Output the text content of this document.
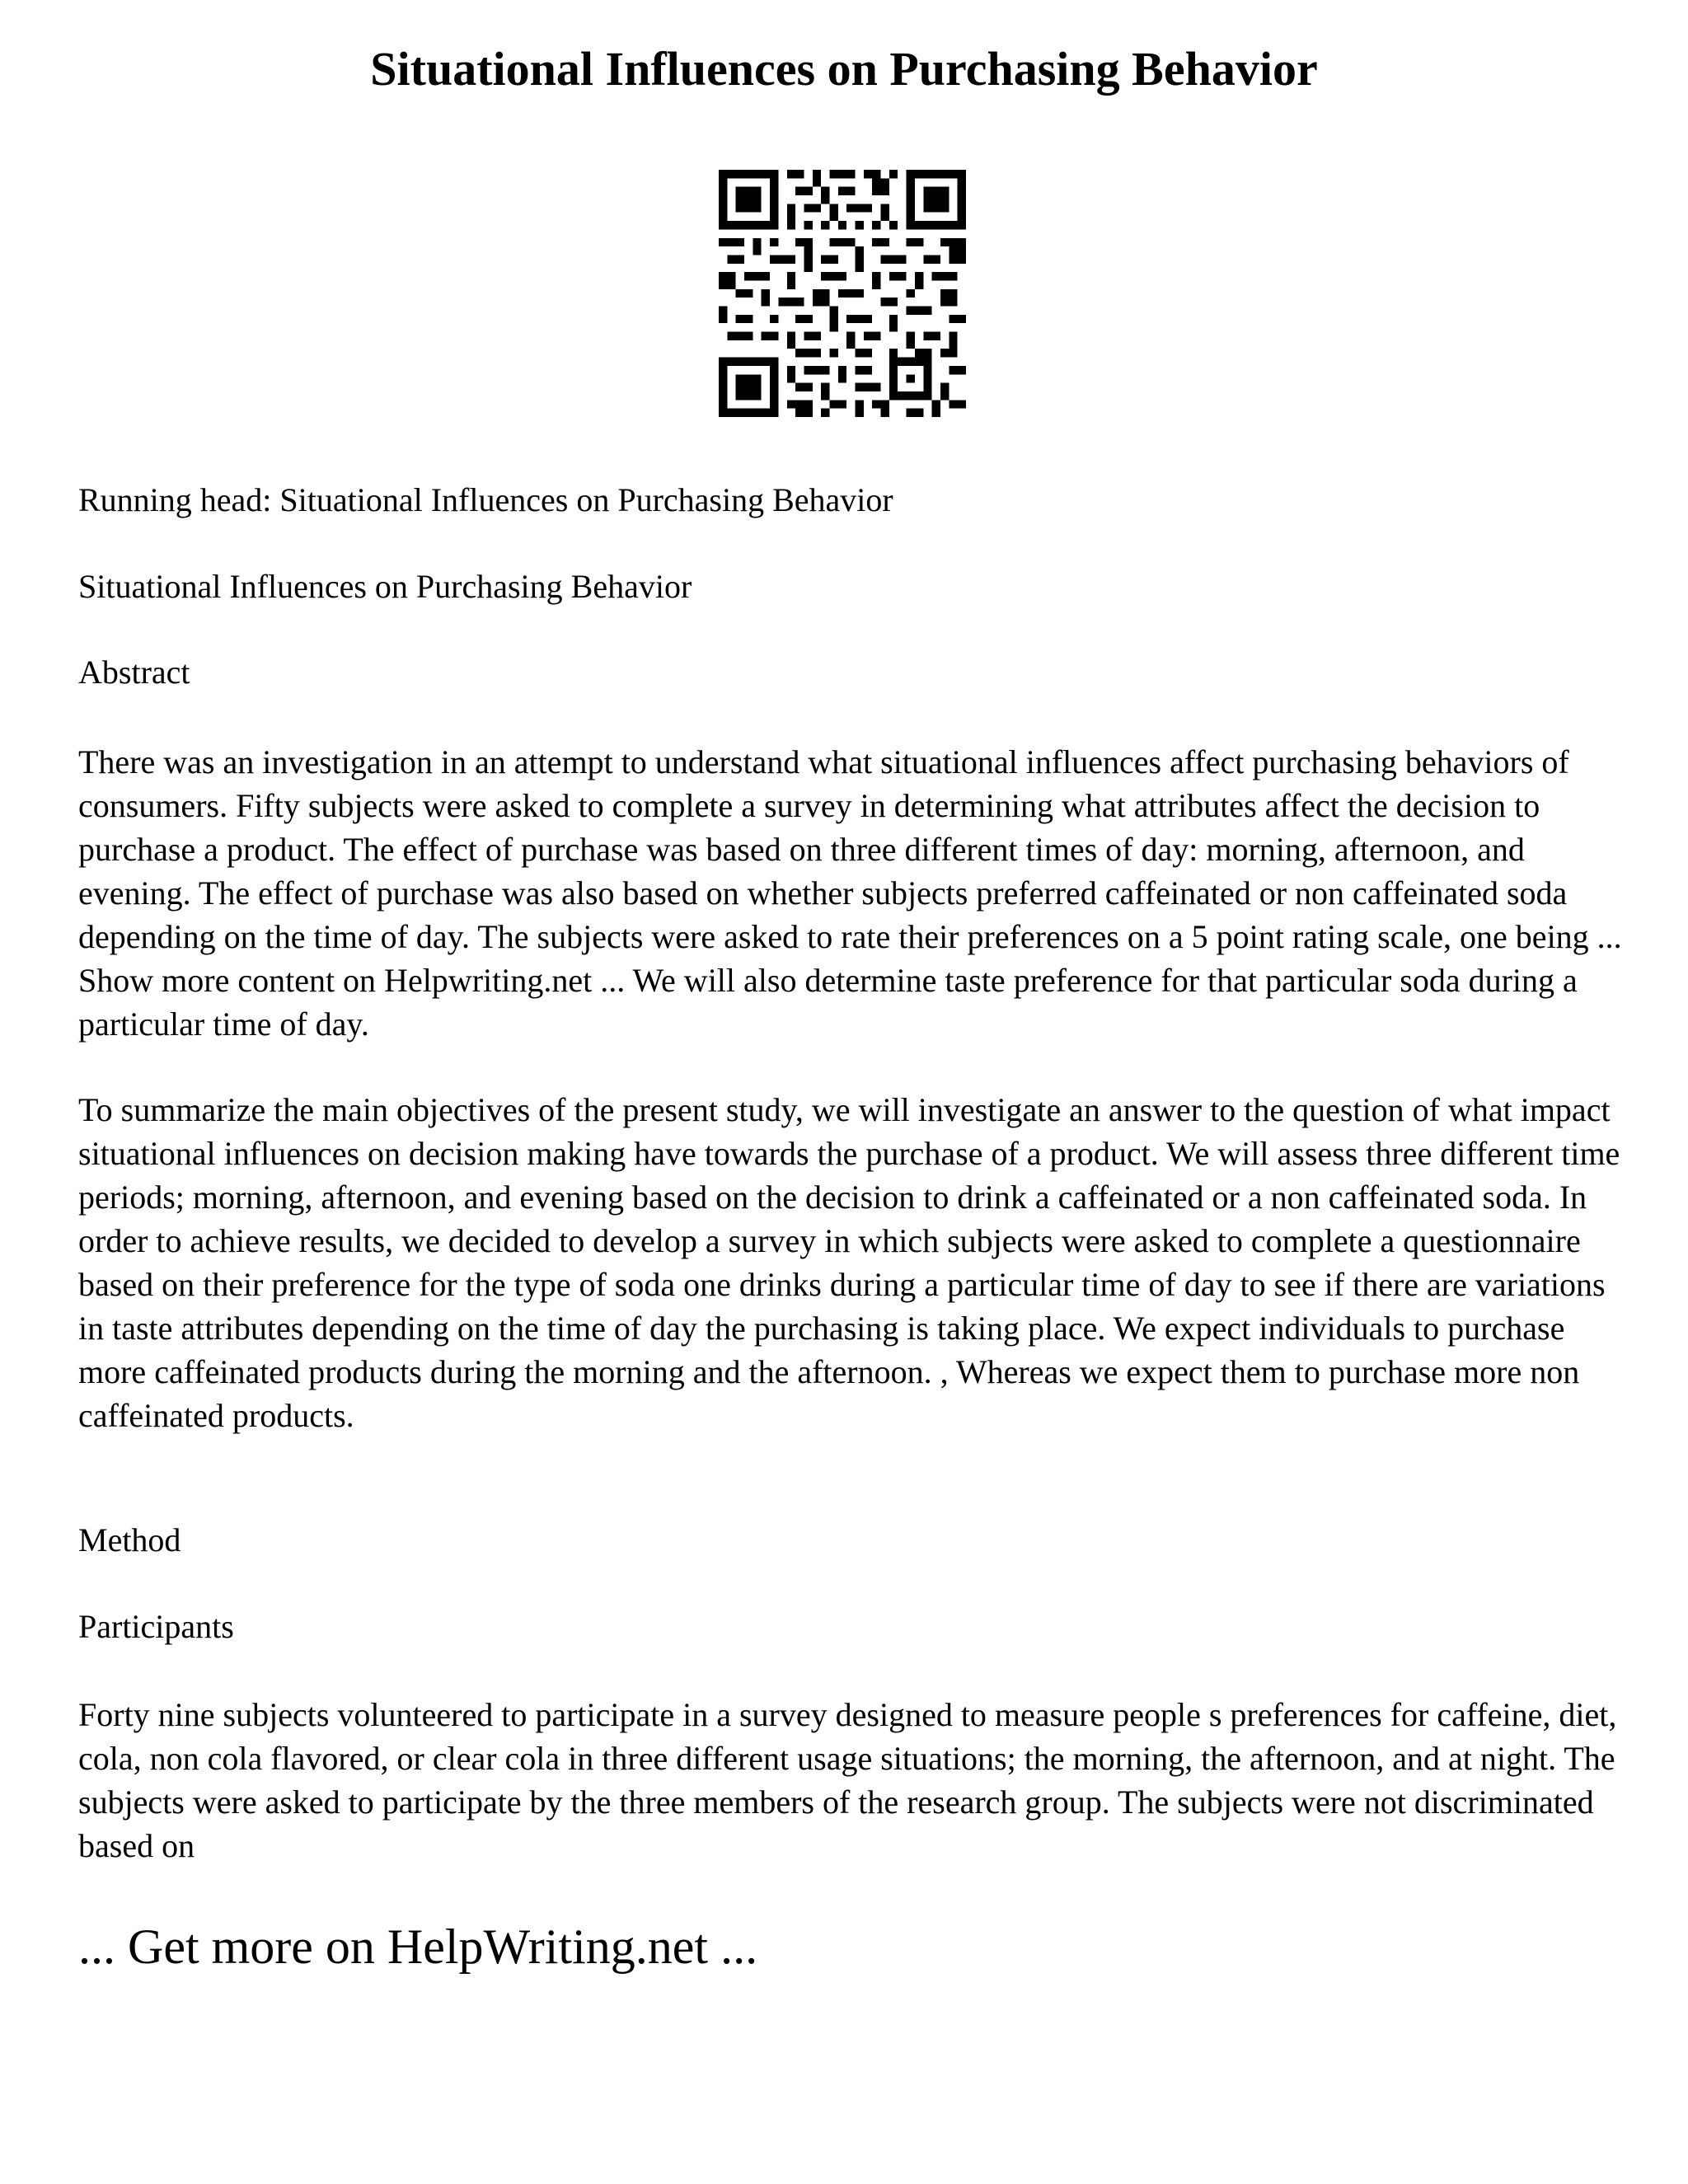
Situational Influences on Purchasing Behavior

Running head: Situational Influences on Purchasing Behavior

Situational Influences on Purchasing Behavior

Abstract

There was an investigation in an attempt to understand what situational influences affect purchasing behaviors of consumers. Fifty subjects were asked to complete a survey in determining what attributes affect the decision to purchase a product. The effect of purchase was based on three different times of day: morning, afternoon, and evening. The effect of purchase was also based on whether subjects preferred caffeinated or non caffeinated soda depending on the time of day. The subjects were asked to rate their preferences on a 5 point rating scale, one being ... Show more content on Helpwriting.net ... We will also determine taste preference for that particular soda during a particular time of day.

To summarize the main objectives of the present study, we will investigate an answer to the question of what impact situational influences on decision making have towards the purchase of a product. We will assess three different time periods; morning, afternoon, and evening based on the decision to drink a caffeinated or a non caffeinated soda. In order to achieve results, we decided to develop a survey in which subjects were asked to complete a questionnaire based on their preference for the type of soda one drinks during a particular time of day to see if there are variations in taste attributes depending on the time of day the purchasing is taking place. We expect individuals to purchase more caffeinated products during the morning and the afternoon. , Whereas we expect them to purchase more non caffeinated products.

Method

Participants

Forty nine subjects volunteered to participate in a survey designed to measure people s preferences for caffeine, diet, cola, non cola flavored, or clear cola in three different usage situations; the morning, the afternoon, and at night. The subjects were asked to participate by the three members of the research group. The subjects were not discriminated based on

... Get more on HelpWriting.net ...
